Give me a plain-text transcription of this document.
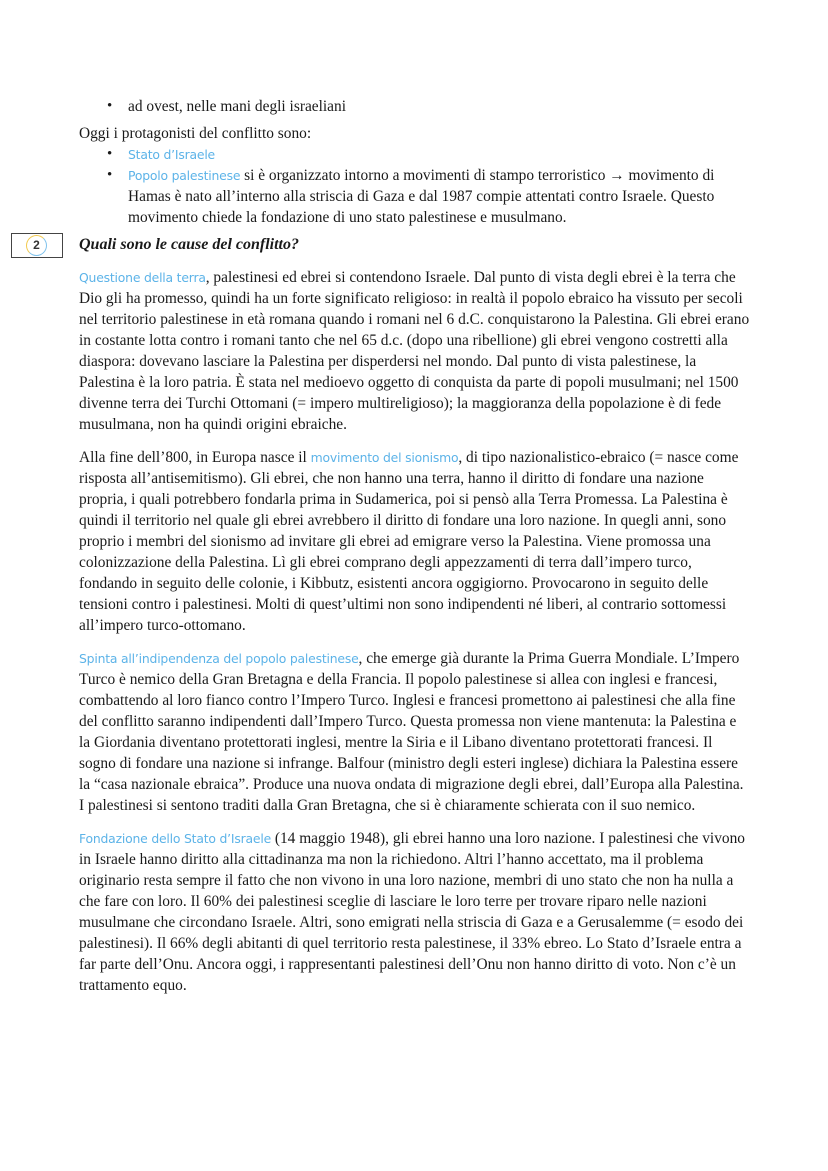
2
• ad ovest, nelle mani degli israeliani

Oggi i protagonisti del conflitto sono:

• Stato d’Israele
• Popolo palestinese si è organizzato intorno a movimenti di stampo terroristico → movimento di Hamas è nato all’interno alla striscia di Gaza e dal 1987 compie attentati contro Israele. Questo movimento chiede la fondazione di uno stato palestinese e musulmano.

Quali sono le cause del conflitto?

Questione della terra, palestinesi ed ebrei si contendono Israele. Dal punto di vista degli ebrei è la terra che Dio gli ha promesso, quindi ha un forte significato religioso: in realtà il popolo ebraico ha vissuto per secoli nel territorio palestinese in età romana quando i romani nel 6 d.C. conquistarono la Palestina. Gli ebrei erano in costante lotta contro i romani tanto che nel 65 d.c. (dopo una ribellione) gli ebrei vengono costretti alla diaspora: dovevano lasciare la Palestina per disperdersi nel mondo. Dal punto di vista palestinese, la Palestina è la loro patria. È stata nel medioevo oggetto di conquista da parte di popoli musulmani; nel 1500 divenne terra dei Turchi Ottomani (= impero multireligioso); la maggioranza della popolazione è di fede musulmana, non ha quindi origini ebraiche.

Alla fine dell’800, in Europa nasce il movimento del sionismo, di tipo nazionalistico-ebraico (= nasce come risposta all’antisemitismo). Gli ebrei, che non hanno una terra, hanno il diritto di fondare una nazione propria, i quali potrebbero fondarla prima in Sudamerica, poi si pensò alla Terra Promessa. La Palestina è quindi il territorio nel quale gli ebrei avrebbero il diritto di fondare una loro nazione. In quegli anni, sono proprio i membri del sionismo ad invitare gli ebrei ad emigrare verso la Palestina. Viene promossa una colonizzazione della Palestina. Lì gli ebrei comprano degli appezzamenti di terra dall’impero turco, fondando in seguito delle colonie, i Kibbutz, esistenti ancora oggigiorno. Provocarono in seguito delle tensioni contro i palestinesi. Molti di quest’ultimi non sono indipendenti né liberi, al contrario sottomessi all’impero turco-ottomano.

Spinta all’indipendenza del popolo palestinese, che emerge già durante la Prima Guerra Mondiale. L’Impero Turco è nemico della Gran Bretagna e della Francia. Il popolo palestinese si allea con inglesi e francesi, combattendo al loro fianco contro l’Impero Turco. Inglesi e francesi promettono ai palestinesi che alla fine del conflitto saranno indipendenti dall’Impero Turco. Questa promessa non viene mantenuta: la Palestina e la Giordania diventano protettorati inglesi, mentre la Siria e il Libano diventano protettorati francesi. Il sogno di fondare una nazione si infrange. Balfour (ministro degli esteri inglese) dichiara la Palestina essere la “casa nazionale ebraica”. Produce una nuova ondata di migrazione degli ebrei, dall’Europa alla Palestina. I palestinesi si sentono traditi dalla Gran Bretagna, che si è chiaramente schierata con il suo nemico.

Fondazione dello Stato d’Israele (14 maggio 1948), gli ebrei hanno una loro nazione. I palestinesi che vivono in Israele hanno diritto alla cittadinanza ma non la richiedono. Altri l’hanno accettato, ma il problema originario resta sempre il fatto che non vivono in una loro nazione, membri di uno stato che non ha nulla a che fare con loro. Il 60% dei palestinesi sceglie di lasciare le loro terre per trovare riparo nelle nazioni musulmane che circondano Israele. Altri, sono emigrati nella striscia di Gaza e a Gerusalemme (= esodo dei palestinesi). Il 66% degli abitanti di quel territorio resta palestinese, il 33% ebreo. Lo Stato d’Israele entra a far parte dell’Onu. Ancora oggi, i rappresentanti palestinesi dell’Onu non hanno diritto di voto. Non c’è un trattamento equo.
